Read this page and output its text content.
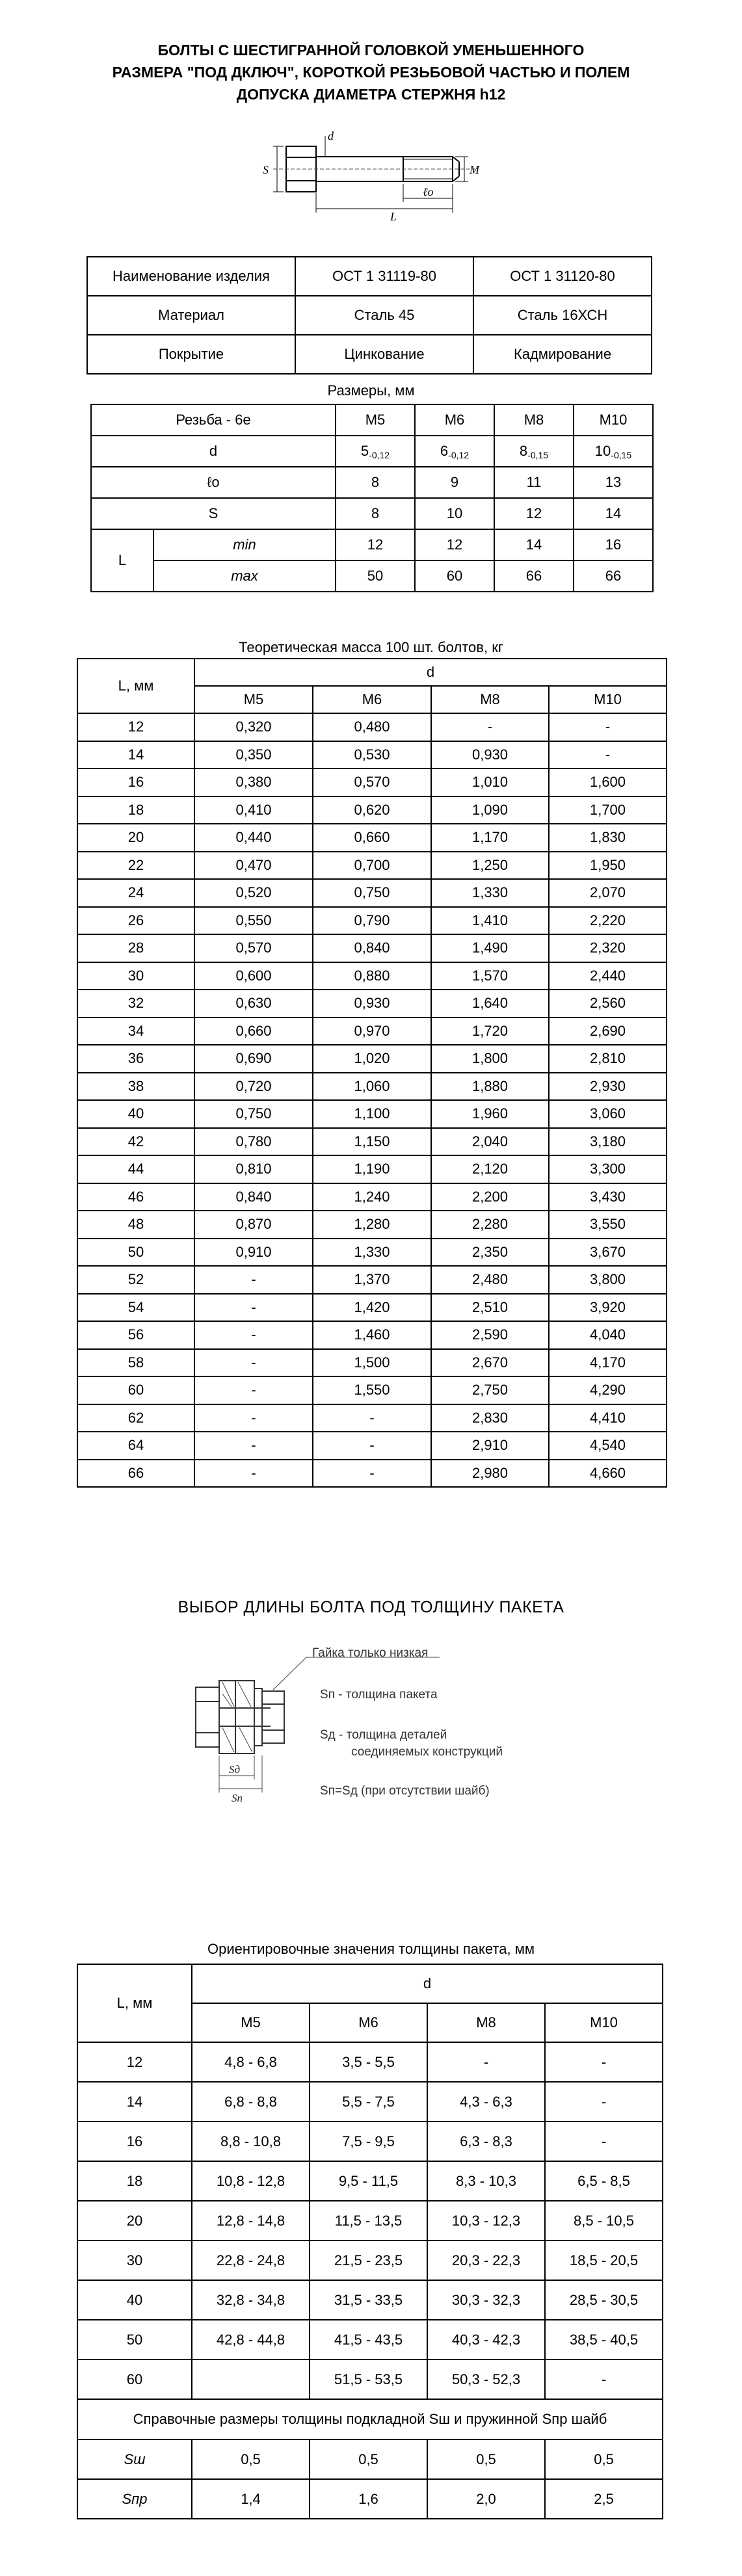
БОЛТЫ С ШЕСТИГРАННОЙ ГОЛОВКОЙ УМЕНЬШЕННОГО
РАЗМЕРА "ПОД ДКЛЮЧ", КОРОТКОЙ РЕЗЬБОВОЙ ЧАСТЬЮ И ПОЛЕМ
ДОПУСКА ДИАМЕТРА СТЕРЖНЯ h12
d
S	M
ℓo
L
Наименование изделия	ОСТ 1 31119-80	ОСТ 1 31120-80
Материал	Сталь 45	Сталь 16ХСН
Покрытие	Цинкование	Кадмирование
Размеры, мм
Резьба - 6е		М5	М6	М8	М10
d		$5_{-0,12}$	$6_{-0,12}$	$8_{-0,15}$	$10_{-0,15}$
ℓo		8	9	11	13
S		8	10	12	14
L	min	12	12	14	16
	max	50	60	66	66
Теоретическая масса 100 шт. болтов, кг
L, мм	d			
	М5	М6	М8	М10
12	0,320	0,480	-	-
14	0,350	0,530	0,930	-
16	0,380	0,570	1,010	1,600
18	0,410	0,620	1,090	1,700
20	0,440	0,660	1,170	1,830
22	0,470	0,700	1,250	1,950
24	0,520	0,750	1,330	2,070
26	0,550	0,790	1,410	2,220
28	0,570	0,840	1,490	2,320
30	0,600	0,880	1,570	2,440
32	0,630	0,930	1,640	2,560
34	0,660	0,970	1,720	2,690
36	0,690	1,020	1,800	2,810
38	0,720	1,060	1,880	2,930
40	0,750	1,100	1,960	3,060
42	0,780	1,150	2,040	3,180
44	0,810	1,190	2,120	3,300
46	0,840	1,240	2,200	3,430
48	0,870	1,280	2,280	3,550
50	0,910	1,330	2,350	3,670
52	-	1,370	2,480	3,800
54	-	1,420	2,510	3,920
56	-	1,460	2,590	4,040
58	-	1,500	2,670	4,170
60	-	1,550	2,750	4,290
62	-	-	2,830	4,410
64	-	-	2,910	4,540
66	-	-	2,980	4,660
ВЫБОР ДЛИНЫ БОЛТА ПОД ТОЛЩИНУ ПАКЕТА
Sд
Sп
Гайка только низкая
Sп - толщина пакета
Sд - толщина деталей
соединяемых конструкций
Sп=Sд (при отсутствии шайб)
Ориентировочные значения толщины пакета, мм
L, мм	d			
	М5	М6	М8	М10
12	4,8 - 6,8	3,5 - 5,5	-	-
14	6,8 - 8,8	5,5 - 7,5	4,3 - 6,3	-
16	8,8 - 10,8	7,5 - 9,5	6,3 - 8,3	-
18	10,8 - 12,8	9,5 - 11,5	8,3 - 10,3	6,5 - 8,5
20	12,8 - 14,8	11,5 - 13,5	10,3 - 12,3	8,5 - 10,5
30	22,8 - 24,8	21,5 - 23,5	20,3 - 22,3	18,5 - 20,5
40	32,8 - 34,8	31,5 - 33,5	30,3 - 32,3	28,5 - 30,5
50	42,8 - 44,8	41,5 - 43,5	40,3 - 42,3	38,5 - 40,5
60		51,5 - 53,5	50,3 - 52,3	-
Справочные размеры толщины подкладной Sш и пружинной Sпр шайб				
Sш	0,5	0,5	0,5	0,5
Sпр	1,4	1,6	2,0	2,5
